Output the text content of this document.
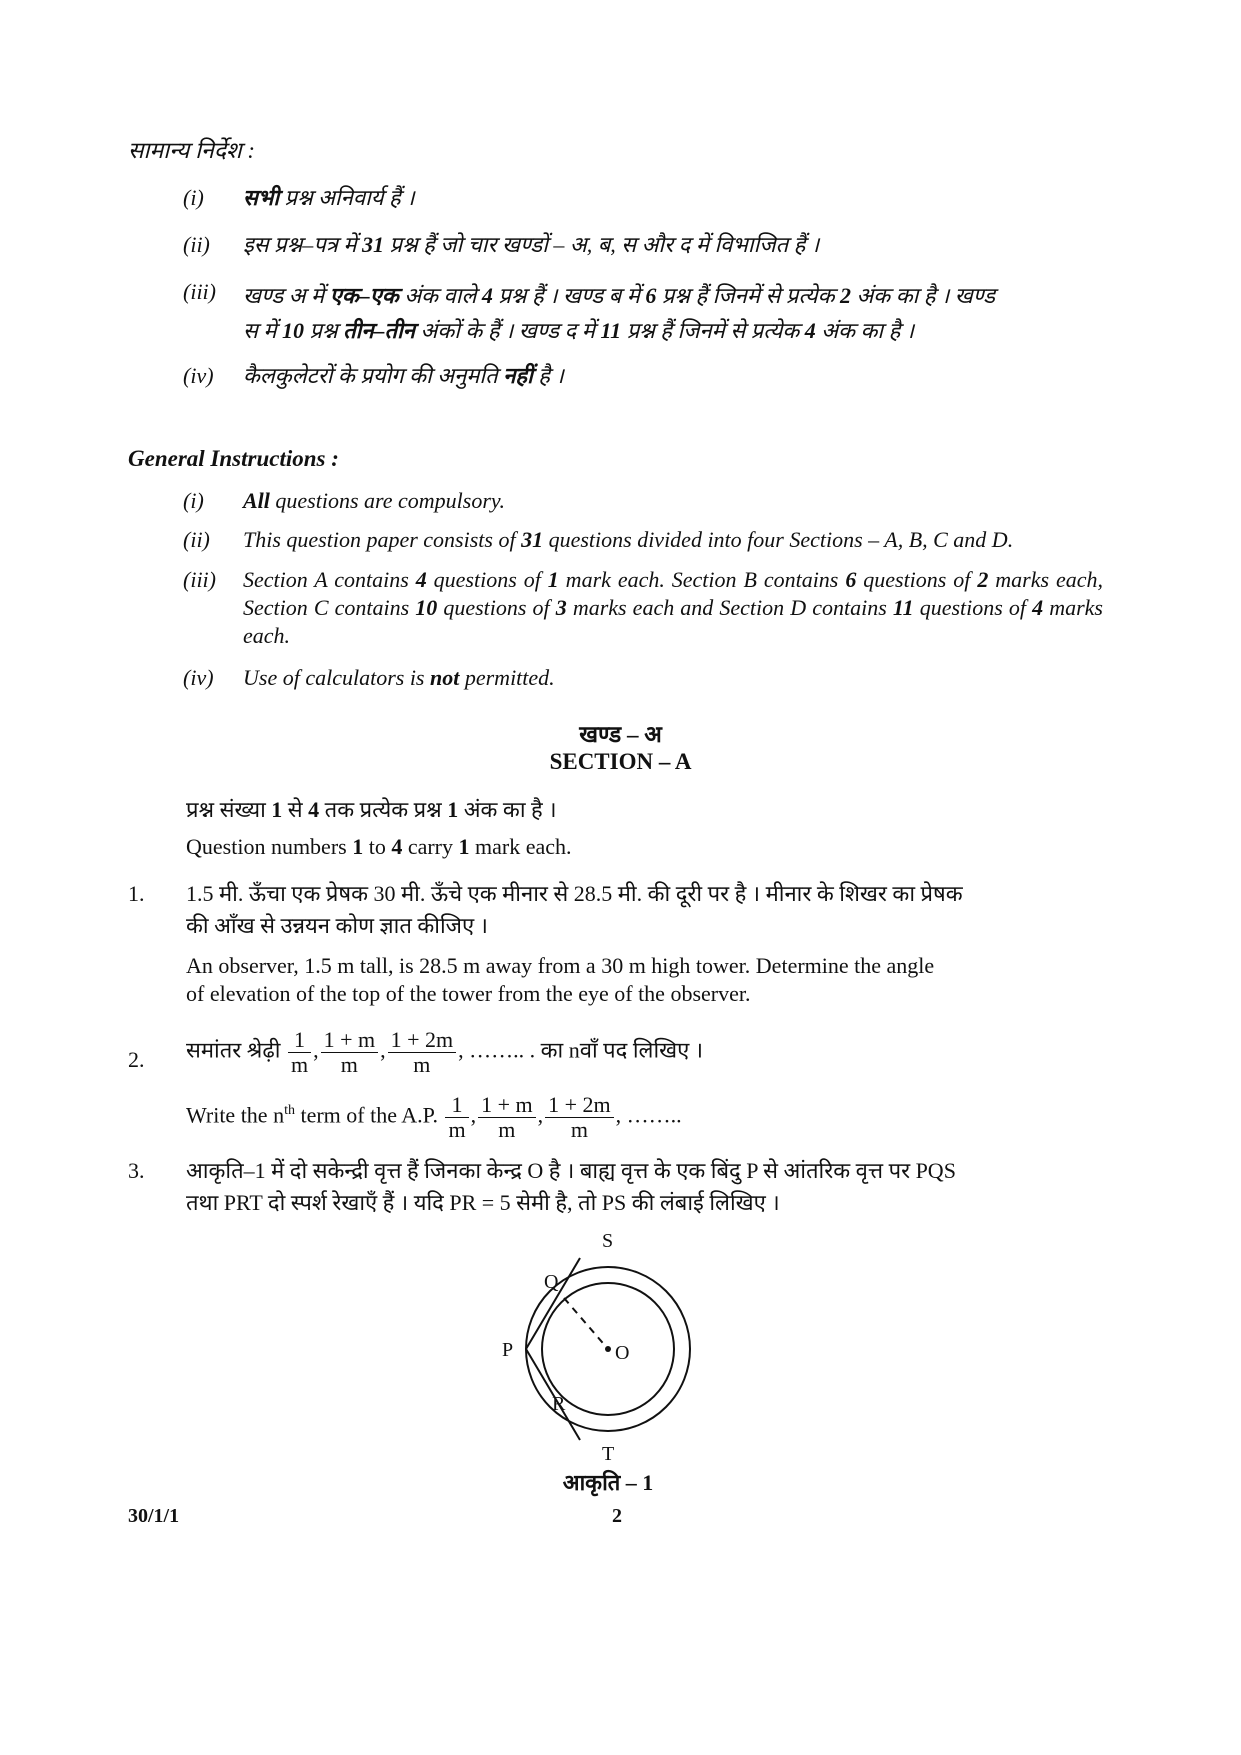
सामान्य निर्देश :
(i) सभी प्रश्न अनिवार्य हैं ।
(ii) इस प्रश्न–पत्र में 31 प्रश्न हैं जो चार खण्डों – अ, ब, स और द में विभाजित हैं ।
(iii) खण्ड अ में एक–एक अंक वाले 4 प्रश्न हैं । खण्ड ब में 6 प्रश्न हैं जिनमें से प्रत्येक 2 अंक का है । खण्ड
स में 10 प्रश्न तीन–तीन अंकों के हैं । खण्ड द में 11 प्रश्न हैं जिनमें से प्रत्येक 4 अंक का है ।
(iv) कैलकुलेटरों के प्रयोग की अनुमति नहीं है ।
General Instructions :
(i) All questions are compulsory.
(ii) This question paper consists of 31 questions divided into four Sections – A, B, C and D.
(iii) Section A contains 4 questions of 1 mark each. Section B contains 6 questions of 2 marks each, Section C contains 10 questions of 3 marks each and Section D contains 11 questions of 4 marks each.
(iv) Use of calculators is not permitted.
खण्ड – अ
SECTION – A
प्रश्न संख्या 1 से 4 तक प्रत्येक प्रश्न 1 अंक का है ।
Question numbers 1 to 4 carry 1 mark each.
1. 1.5 मी. ऊँचा एक प्रेषक 30 मी. ऊँचे एक मीनार से 28.5 मी. की दूरी पर है । मीनार के शिखर का प्रेषक
की आँख से उन्नयन कोण ज्ञात कीजिए ।
An observer, 1.5 m tall, is 28.5 m away from a 30 m high tower. Determine the angle
of elevation of the top of the tower from the eye of the observer.
2. समांतर श्रेढ़ी $\frac{1}{m}$ , $\frac{1 + m}{m}$ , $\frac{1 + 2m}{m}$ , …….. . का nवाँ पद लिखिए ।
Write the $n^{th}$ term of the A.P. $\frac{1}{m}$ , $\frac{1 + m}{m}$ , $\frac{1 + 2m}{m}$ , ……..
3. आकृति–1 में दो सकेन्द्री वृत्त हैं जिनका केन्द्र O है । बाह्य वृत्त के एक बिंदु P से आंतरिक वृत्त पर PQS
तथा PRT दो स्पर्श रेखाएँ हैं । यदि PR = 5 सेमी है, तो PS की लंबाई लिखिए ।
S
Q
P	O
R
T
आकृति – 1
30/1/1	2
